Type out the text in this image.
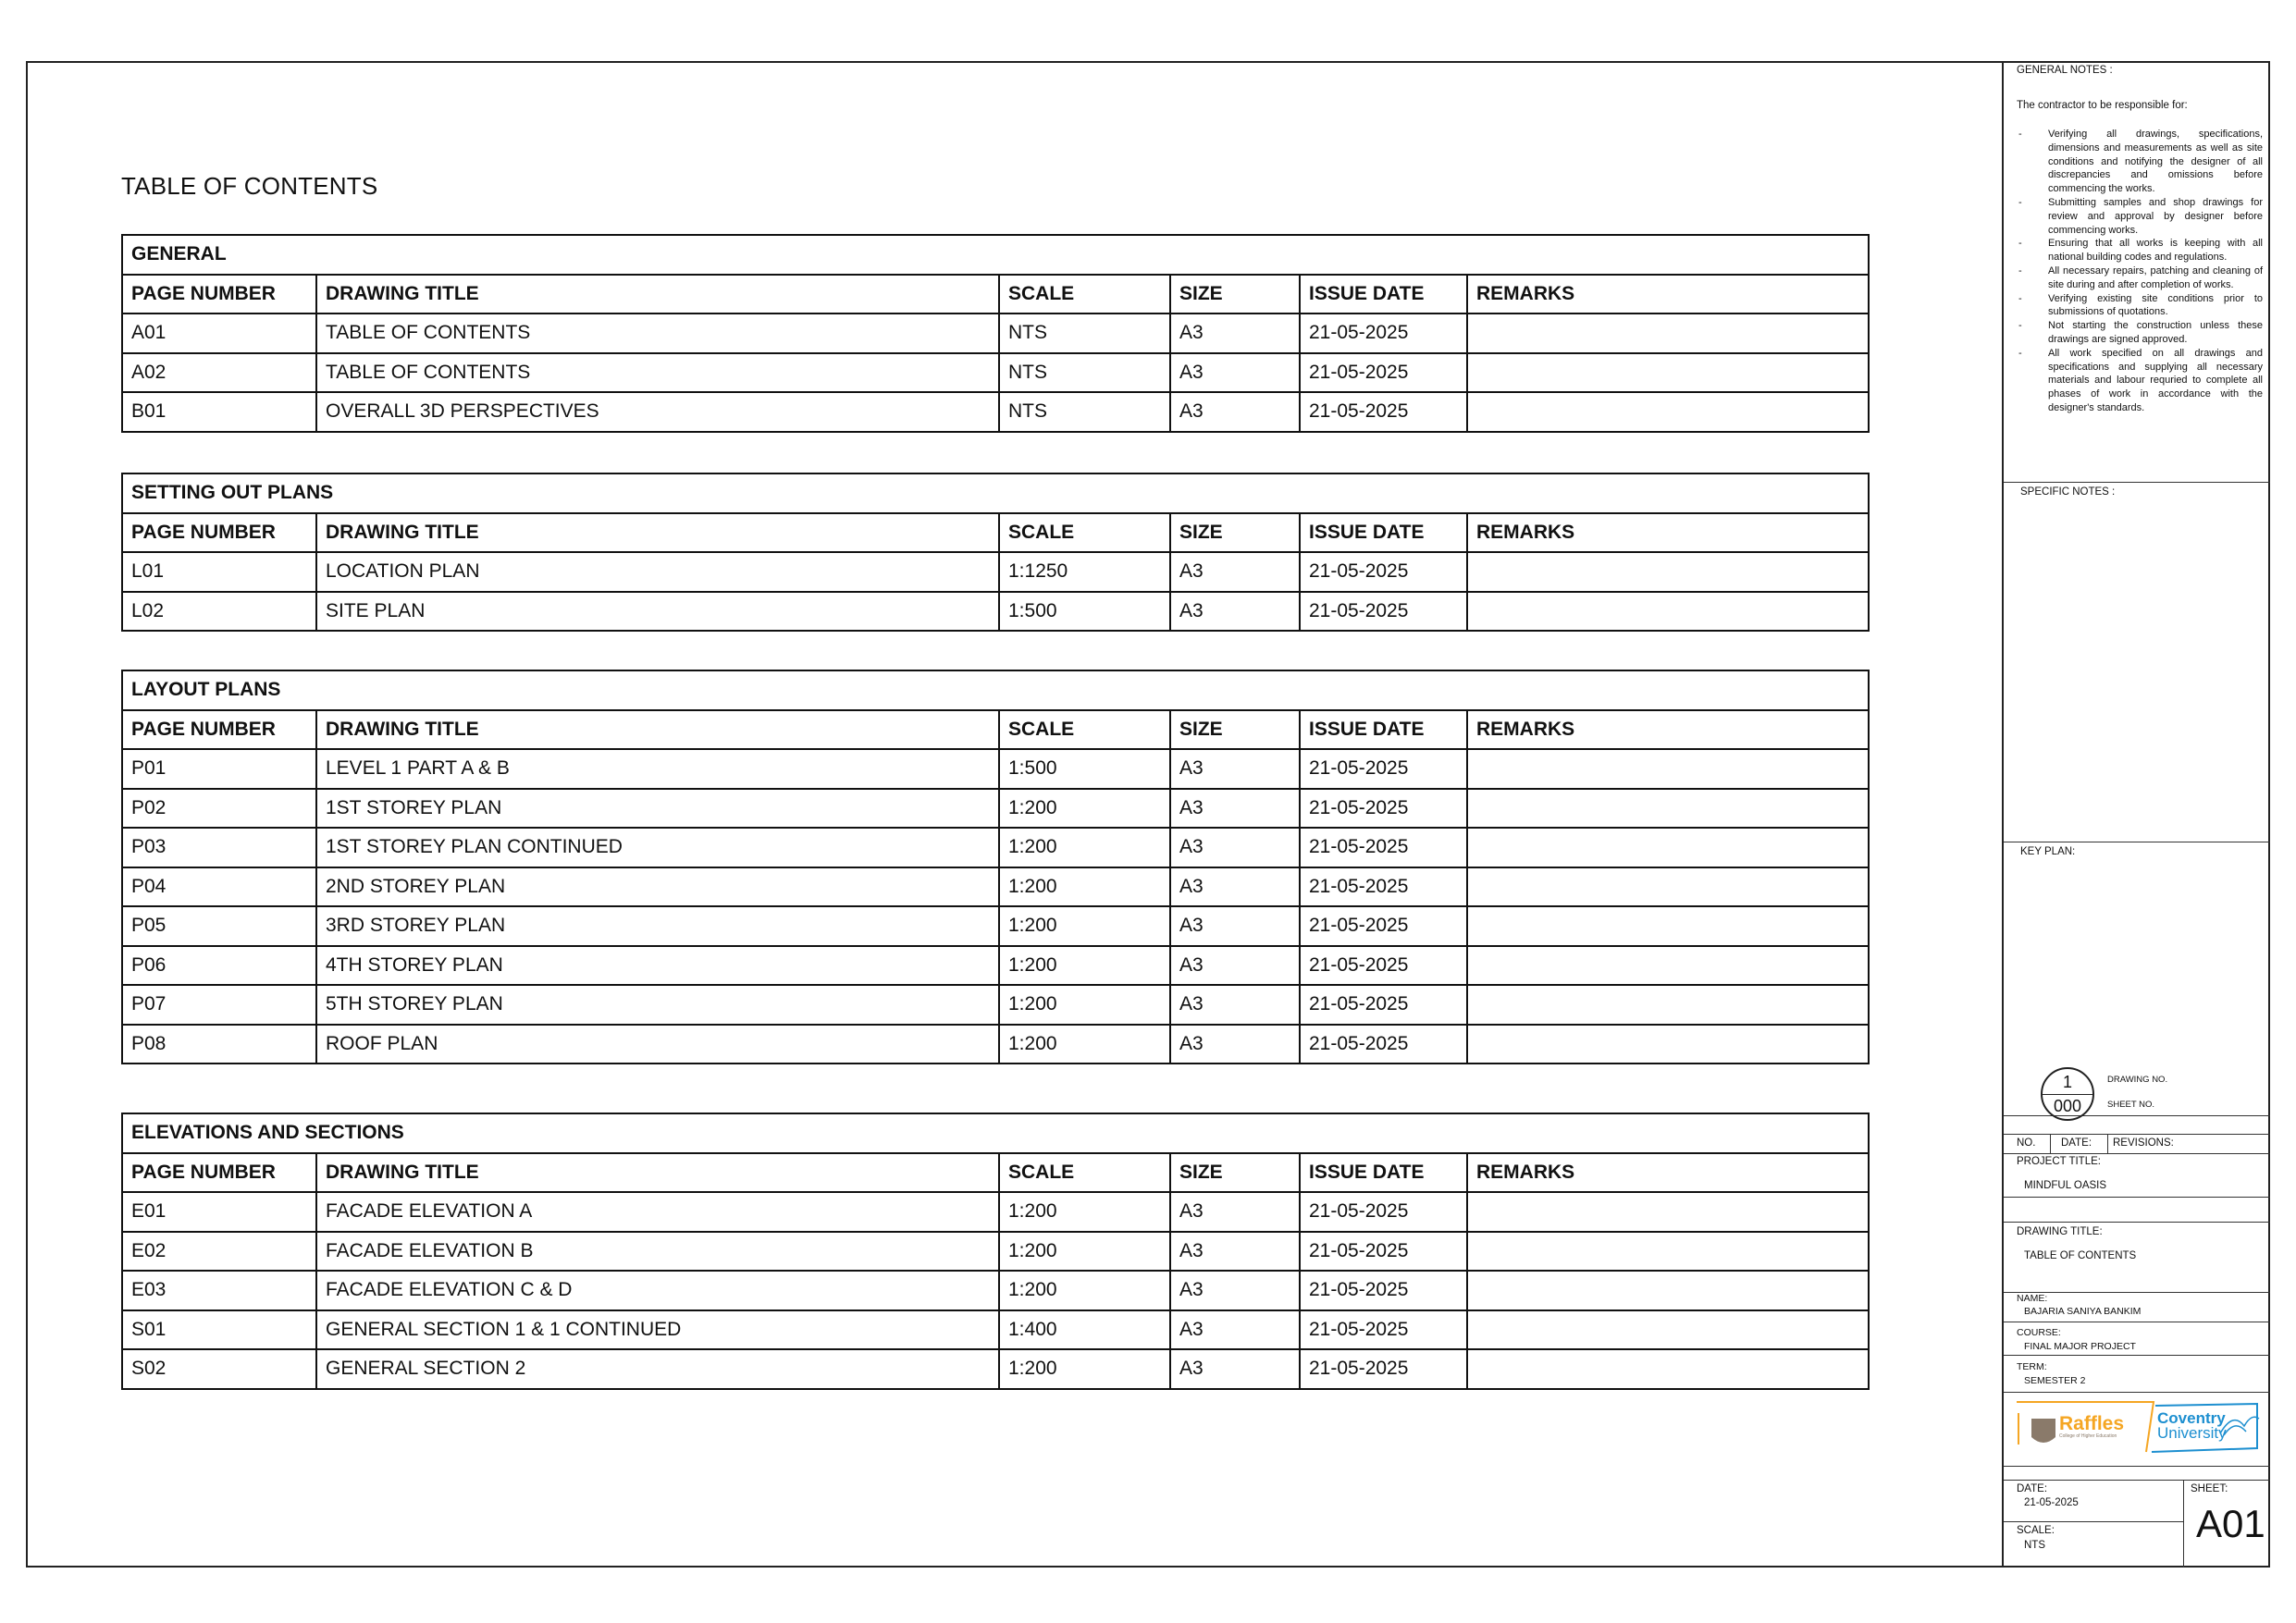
TABLE OF CONTENTS
GENERAL					
PAGE NUMBER	DRAWING TITLE	SCALE	SIZE	ISSUE DATE	REMARKS
A01	TABLE OF CONTENTS	NTS	A3	21-05-2025	
A02	TABLE OF CONTENTS	NTS	A3	21-05-2025	
B01	OVERALL 3D PERSPECTIVES	NTS	A3	21-05-2025	
SETTING OUT PLANS					
PAGE NUMBER	DRAWING TITLE	SCALE	SIZE	ISSUE DATE	REMARKS
L01	LOCATION PLAN	1:1250	A3	21-05-2025	
L02	SITE PLAN	1:500	A3	21-05-2025	
LAYOUT PLANS					
PAGE NUMBER	DRAWING TITLE	SCALE	SIZE	ISSUE DATE	REMARKS
P01	LEVEL 1 PART A & B	1:500	A3	21-05-2025	
P02	1ST STOREY PLAN	1:200	A3	21-05-2025	
P03	1ST STOREY PLAN CONTINUED	1:200	A3	21-05-2025	
P04	2ND STOREY PLAN	1:200	A3	21-05-2025	
P05	3RD STOREY PLAN	1:200	A3	21-05-2025	
P06	4TH STOREY PLAN	1:200	A3	21-05-2025	
P07	5TH STOREY PLAN	1:200	A3	21-05-2025	
P08	ROOF PLAN	1:200	A3	21-05-2025	
ELEVATIONS AND SECTIONS					
PAGE NUMBER	DRAWING TITLE	SCALE	SIZE	ISSUE DATE	REMARKS
E01	FACADE ELEVATION A	1:200	A3	21-05-2025	
E02	FACADE ELEVATION B	1:200	A3	21-05-2025	
E03	FACADE ELEVATION C & D	1:200	A3	21-05-2025	
S01	GENERAL SECTION 1 & 1 CONTINUED	1:400	A3	21-05-2025	
S02	GENERAL SECTION 2	1:200	A3	21-05-2025	
GENERAL NOTES :
The contractor to be responsible for:
- Verifying all drawings, specifications, dimensions and measurements as well as site conditions and notifying the designer of all discrepancies and omissions before commencing the works.
- Submitting samples and shop drawings for review and approval by designer before commencing works.
- Ensuring that all works is keeping with all national building codes and regulations.
- All necessary repairs, patching and cleaning of site during and after completion of works.
- Verifying existing site conditions prior to submissions of quotations.
- Not starting the construction unless these drawings are signed approved.
- All work specified on all drawings and specifications and supplying all necessary materials and labour requried to complete all phases of work in accordance with the designer's standards.
SPECIFIC NOTES :
KEY PLAN:
1
000
DRAWING NO.
SHEET NO.
NO. DATE: REVISIONS:
PROJECT TITLE:
MINDFUL OASIS
DRAWING TITLE:
TABLE OF CONTENTS
NAME:
BAJARIA SANIYA BANKIM
COURSE:
FINAL MAJOR PROJECT
TERM:
SEMESTER 2
Raffles
College of Higher Education
Coventry
University
DATE:
21-05-2025
SCALE:
NTS
SHEET:
A01
